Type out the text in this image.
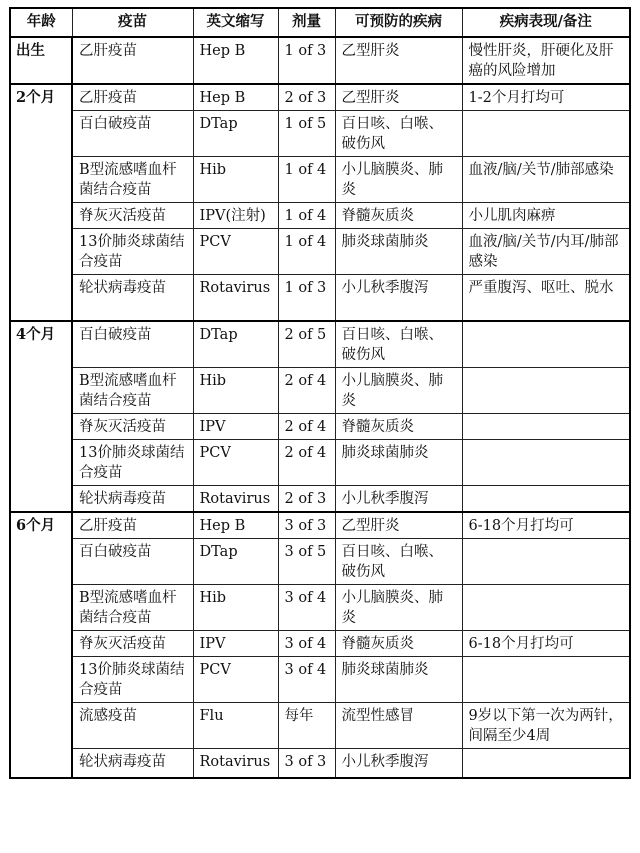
年龄	疫苗	英文缩写	剂量	可预防的疾病	疾病表现/备注
出生	乙肝疫苗	Hep B	1 of 3	乙型肝炎	慢性肝炎，肝硬化及肝癌的风险增加
2个月	乙肝疫苗	Hep B	2 of 3	乙型肝炎	1-2个月打均可
	百白破疫苗	DTap	1 of 5	百日咳、白喉、破伤风	
	B型流感嗜血杆菌结合疫苗	Hib	1 of 4	小儿脑膜炎、肺炎	血液/脑/关节/肺部感染
	脊灰灭活疫苗	IPV(注射)	1 of 4	脊髓灰质炎	小儿肌肉麻痹
	13价肺炎球菌结合疫苗	PCV	1 of 4	肺炎球菌肺炎	血液/脑/关节/内耳/肺部感染
	轮状病毒疫苗	Rotavirus	1 of 3	小儿秋季腹泻	严重腹泻、呕吐、脱水
4个月	百白破疫苗	DTap	2 of 5	百日咳、白喉、破伤风	
	B型流感嗜血杆菌结合疫苗	Hib	2 of 4	小儿脑膜炎、肺炎	
	脊灰灭活疫苗	IPV	2 of 4	脊髓灰质炎	
	13价肺炎球菌结合疫苗	PCV	2 of 4	肺炎球菌肺炎	
	轮状病毒疫苗	Rotavirus	2 of 3	小儿秋季腹泻	
6个月	乙肝疫苗	Hep B	3 of 3	乙型肝炎	6-18个月打均可
	百白破疫苗	DTap	3 of 5	百日咳、白喉、破伤风	
	B型流感嗜血杆菌结合疫苗	Hib	3 of 4	小儿脑膜炎、肺炎	
	脊灰灭活疫苗	IPV	3 of 4	脊髓灰质炎	6-18个月打均可
	13价肺炎球菌结合疫苗	PCV	3 of 4	肺炎球菌肺炎	
	流感疫苗	Flu	每年	流型性感冒	9岁以下第一次为两针，间隔至少4周
	轮状病毒疫苗	Rotavirus	3 of 3	小儿秋季腹泻	
